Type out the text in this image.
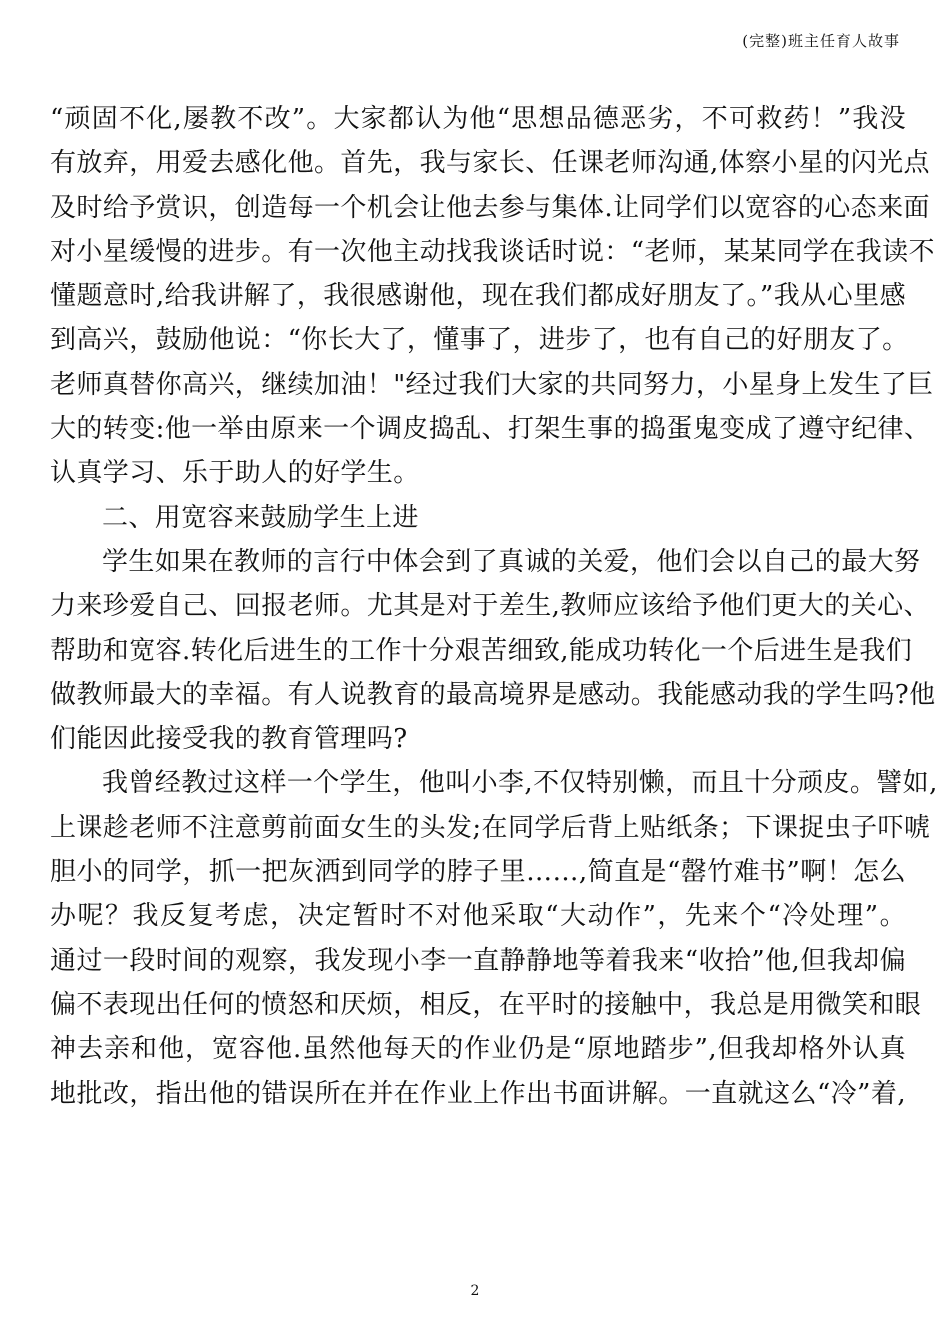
(完整)班主任育人故事
“顽固不化,屡教不改”。大家都认为他“思想品德恶劣，不可救药！”我没
有放弃，用爱去感化他。首先，我与家长、任课老师沟通,体察小星的闪光点
及时给予赏识，创造每一个机会让他去参与集体.让同学们以宽容的心态来面
对小星缓慢的进步。有一次他主动找我谈话时说：“老师，某某同学在我读不
懂题意时,给我讲解了，我很感谢他，现在我们都成好朋友了。”我从心里感
到高兴，鼓励他说：“你长大了，懂事了，进步了，也有自己的好朋友了。
老师真替你高兴，继续加油！"经过我们大家的共同努力，小星身上发生了巨
大的转变:他一举由原来一个调皮捣乱、打架生事的捣蛋鬼变成了遵守纪律、
认真学习、乐于助人的好学生。
二、用宽容来鼓励学生上进
学生如果在教师的言行中体会到了真诚的关爱，他们会以自己的最大努
力来珍爱自己、回报老师。尤其是对于差生,教师应该给予他们更大的关心、
帮助和宽容.转化后进生的工作十分艰苦细致,能成功转化一个后进生是我们
做教师最大的幸福。有人说教育的最高境界是感动。我能感动我的学生吗?他
们能因此接受我的教育管理吗?
我曾经教过这样一个学生，他叫小李,不仅特别懒，而且十分顽皮。譬如,
上课趁老师不注意剪前面女生的头发;在同学后背上贴纸条；下课捉虫子吓唬
胆小的同学，抓一把灰洒到同学的脖子里……,简直是“罄竹难书”啊！怎么
办呢？我反复考虑，决定暂时不对他采取“大动作”，先来个“冷处理”。
通过一段时间的观察，我发现小李一直静静地等着我来“收拾”他,但我却偏
偏不表现出任何的愤怒和厌烦，相反，在平时的接触中，我总是用微笑和眼
神去亲和他，宽容他.虽然他每天的作业仍是“原地踏步”,但我却格外认真
地批改，指出他的错误所在并在作业上作出书面讲解。一直就这么“冷”着,
2
